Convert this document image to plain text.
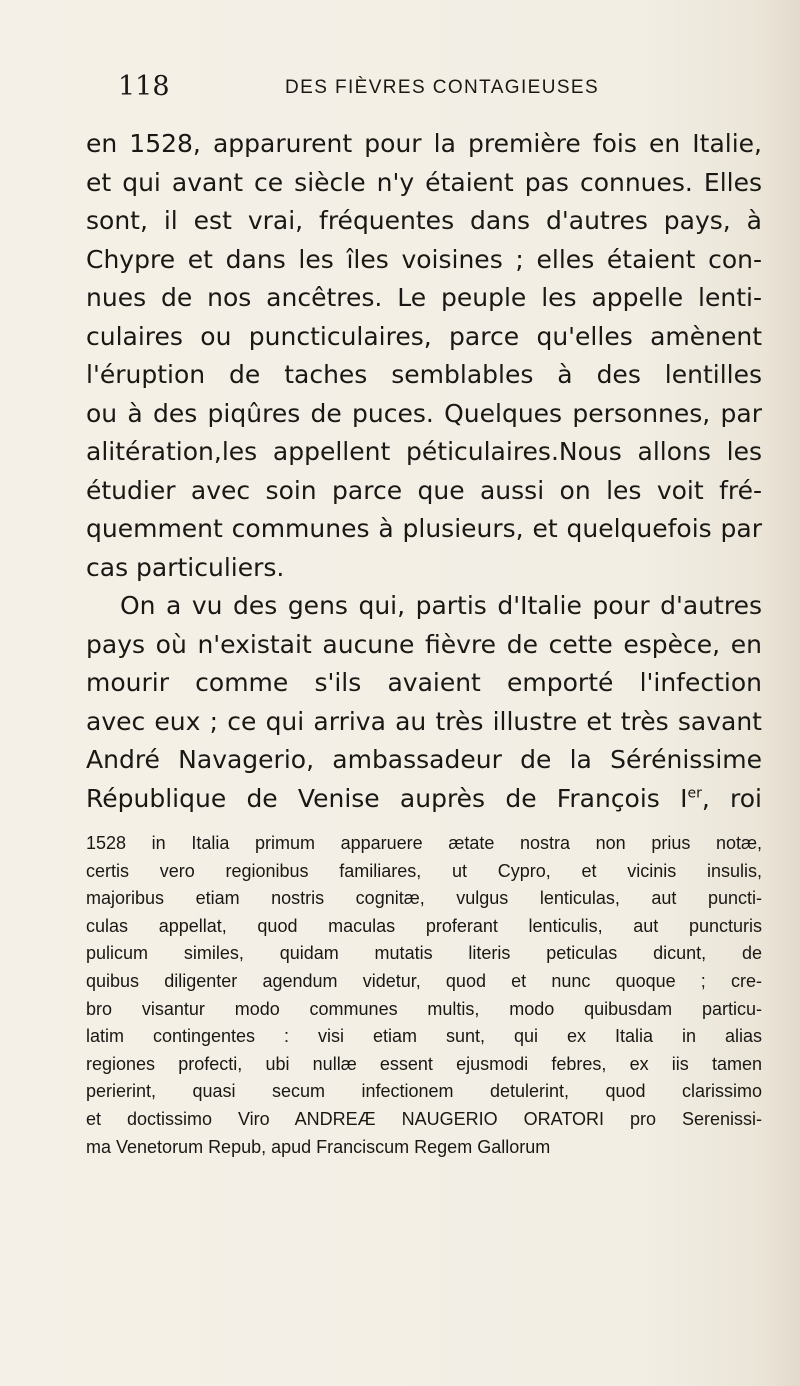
118	DES FIÈVRES CONTAGIEUSES
en 1528, apparurent pour la première fois en Italie,
et qui avant ce siècle n'y étaient pas connues. Elles
sont, il est vrai, fréquentes dans d'autres pays, à
Chypre et dans les îles voisines ; elles étaient con-
nues de nos ancêtres. Le peuple les appelle lenti-
culaires ou puncticulaires, parce qu'elles amènent
l'éruption de taches semblables à des lentilles
ou à des piqûres de puces. Quelques personnes, par
alitération,les appellent péticulaires.Nous allons les
étudier avec soin parce que aussi on les voit fré-
quemment communes à plusieurs, et quelquefois par
cas particuliers.
On a vu des gens qui, partis d'Italie pour d'autres
pays où n'existait aucune fièvre de cette espèce, en
mourir comme s'ils avaient emporté l'infection
avec eux ; ce qui arriva au très illustre et très savant
André Navagerio, ambassadeur de la Sérénissime
République de Venise auprès de François Ier, roi
1528 in Italia primum apparuere ætate nostra non prius notæ,
certis vero regionibus familiares, ut Cypro, et vicinis insulis,
majoribus etiam nostris cognitæ, vulgus lenticulas, aut puncti-
culas appellat, quod maculas proferant lenticulis, aut puncturis
pulicum similes, quidam mutatis literis peticulas dicunt, de
quibus diligenter agendum videtur, quod et nunc quoque ; cre-
bro visantur modo communes multis, modo quibusdam particu-
latim contingentes : visi etiam sunt, qui ex Italia in alias
regiones profecti, ubi nullæ essent ejusmodi febres, ex iis tamen
perierint, quasi secum infectionem detulerint, quod clarissimo
et doctissimo Viro ANDREÆ NAUGERIO ORATORI pro Serenissi-
ma Venetorum Repub, apud Franciscum Regem Gallorum
